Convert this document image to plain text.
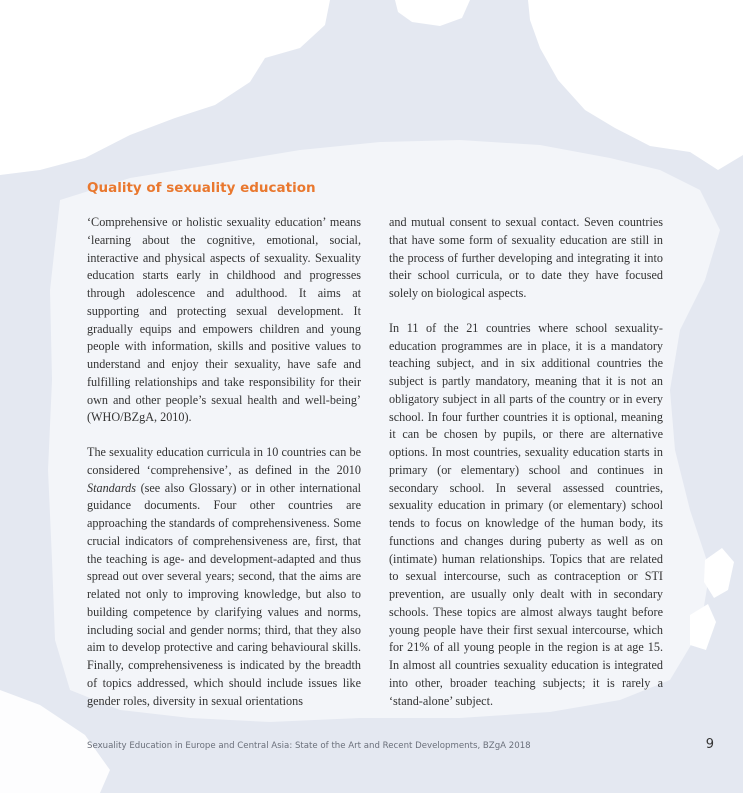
Quality of sexuality education

‘Comprehensive or holistic sexuality education’ means ‘learning about the cognitive, emotional, social, interactive and physical aspects of sexuality. Sexuality education starts early in childhood and progresses through adolescence and adulthood. It aims at supporting and protecting sexual development. It gradually equips and empowers children and young people with information, skills and positive values to understand and enjoy their sexuality, have safe and fulfilling relationships and take responsibility for their own and other people’s sexual health and well-being’ (WHO/BZgA, 2010).

The sexuality education curricula in 10 countries can be considered ‘comprehensive’, as defined in the 2010 Standards (see also Glossary) or in other international guidance documents. Four other countries are approaching the standards of comprehensiveness. Some crucial indicators of comprehensiveness are, first, that the teaching is age- and development-adapted and thus spread out over several years; second, that the aims are related not only to improving knowledge, but also to building competence by clarifying values and norms, including social and gender norms; third, that they also aim to develop protective and caring behavioural skills. Finally, comprehensiveness is indicated by the breadth of topics addressed, which should include issues like gender roles, diversity in sexual orientations

and mutual consent to sexual contact. Seven countries that have some form of sexuality education are still in the process of further developing and integrating it into their school curricula, or to date they have focused solely on biological aspects.

In 11 of the 21 countries where school sexuality-education programmes are in place, it is a mandatory teaching subject, and in six additional countries the subject is partly mandatory, meaning that it is not an obligatory subject in all parts of the country or in every school. In four further countries it is optional, meaning it can be chosen by pupils, or there are alternative options. In most countries, sexuality education starts in primary (or elementary) school and continues in secondary school. In several assessed countries, sexuality education in primary (or elementary) school tends to focus on knowledge of the human body, its functions and changes during puberty as well as on (intimate) human relationships. Topics that are related to sexual intercourse, such as contraception or STI prevention, are usually only dealt with in secondary schools. These topics are almost always taught before young people have their first sexual intercourse, which for 21% of all young people in the region is at age 15. In almost all countries sexuality education is integrated into other, broader teaching subjects; it is rarely a ‘stand-alone’ subject.

Sexuality Education in Europe and Central Asia: State of the Art and Recent Developments, BZgA 2018	9
